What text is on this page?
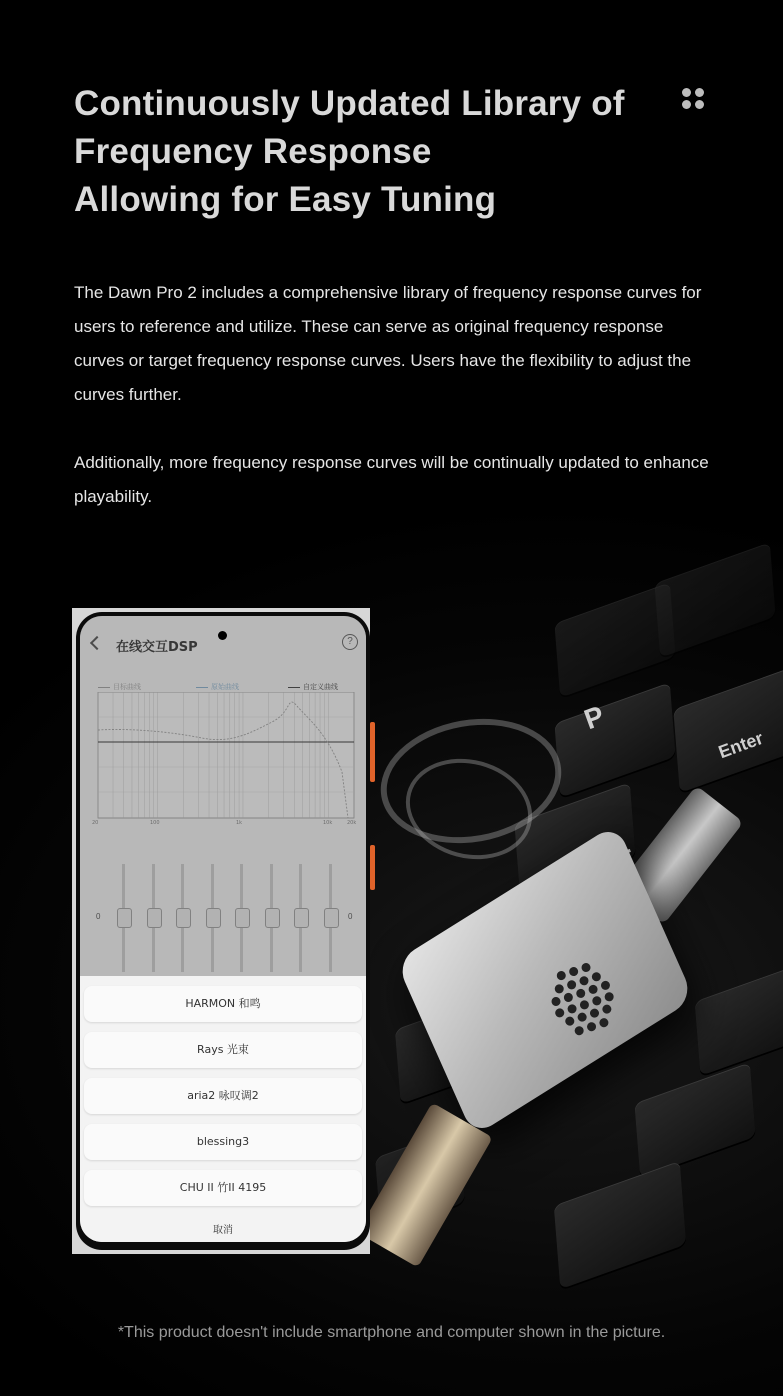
P
Enter
Continuously Updated Library of
Frequency Response
Allowing for Easy Tuning

The Dawn Pro 2 includes a comprehensive library of frequency response curves for users to reference and utilize. These can serve as original frequency response curves or target frequency response curves. Users have the flexibility to adjust the curves further.

Additionally, more frequency response curves will be continually updated to enhance playability.

在线交互DSP	?
目标曲线	原始曲线	自定义曲线
20	100	1k	10k	20k
0	0
HARMON 和鸣
Rays 光束
aria2 咏叹调2
blessing3
CHU II 竹II 4195
取消

*This product doesn't include smartphone and computer shown in the picture.
